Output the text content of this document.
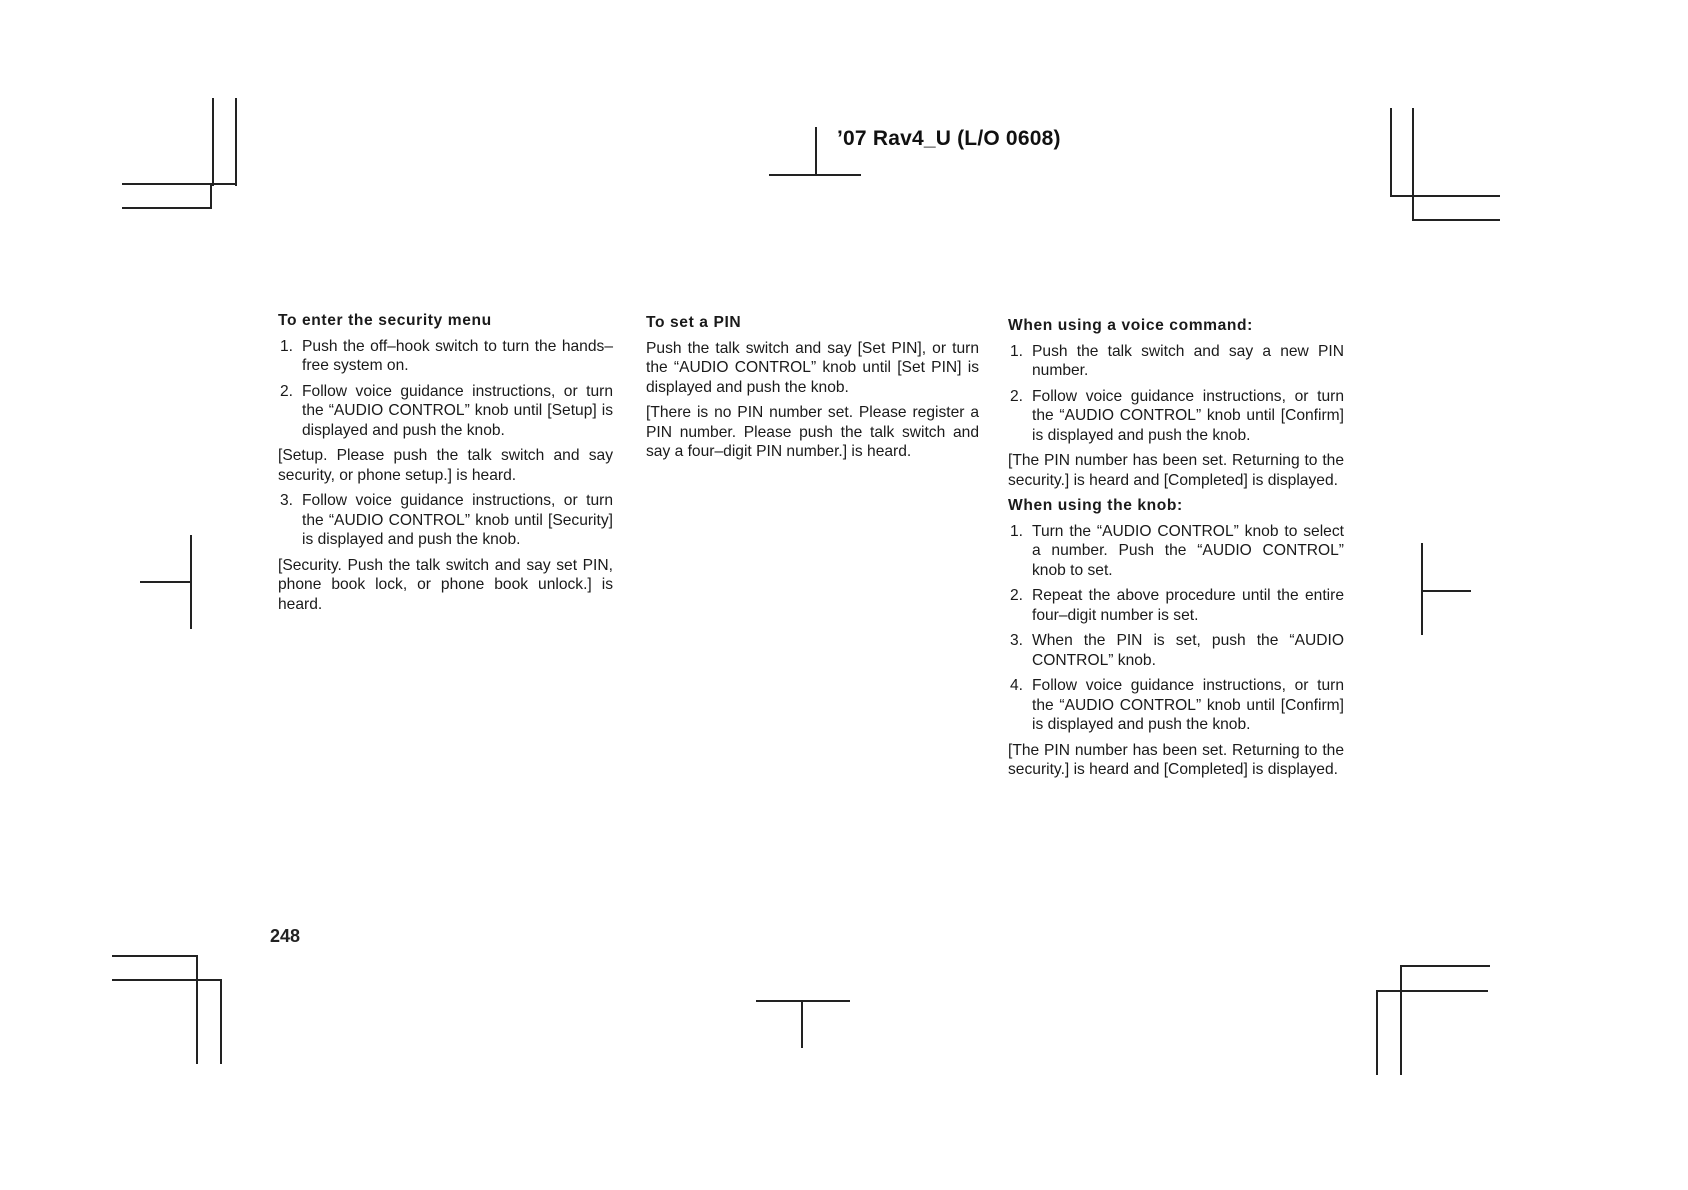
’07 Rav4_U (L/O 0608)
To enter the security menu
1. Push the off–hook switch to turn the hands–free system on.
2. Follow voice guidance instructions, or turn the “AUDIO CONTROL” knob until [Setup] is displayed and push the knob.

[Setup. Please push the talk switch and say security, or phone setup.] is heard.

3. Follow voice guidance instructions, or turn the “AUDIO CONTROL” knob until [Security] is displayed and push the knob.

[Security. Push the talk switch and say set PIN, phone book lock, or phone book unlock.] is heard.

To set a PIN

Push the talk switch and say [Set PIN], or turn the “AUDIO CONTROL” knob until [Set PIN] is displayed and push the knob.

[There is no PIN number set. Please register a PIN number. Please push the talk switch and say a four–digit PIN number.] is heard.

When using a voice command:
1. Push the talk switch and say a new PIN number.
2. Follow voice guidance instructions, or turn the “AUDIO CONTROL” knob until [Confirm] is displayed and push the knob.

[The PIN number has been set. Returning to the security.] is heard and [Completed] is displayed.

When using the knob:
1. Turn the “AUDIO CONTROL” knob to select a number. Push the “AUDIO CONTROL” knob to set.
2. Repeat the above procedure until the entire four–digit number is set.
3. When the PIN is set, push the “AUDIO CONTROL” knob.
4. Follow voice guidance instructions, or turn the “AUDIO CONTROL” knob until [Confirm] is displayed and push the knob.

[The PIN number has been set. Returning to the security.] is heard and [Completed] is displayed.

248
